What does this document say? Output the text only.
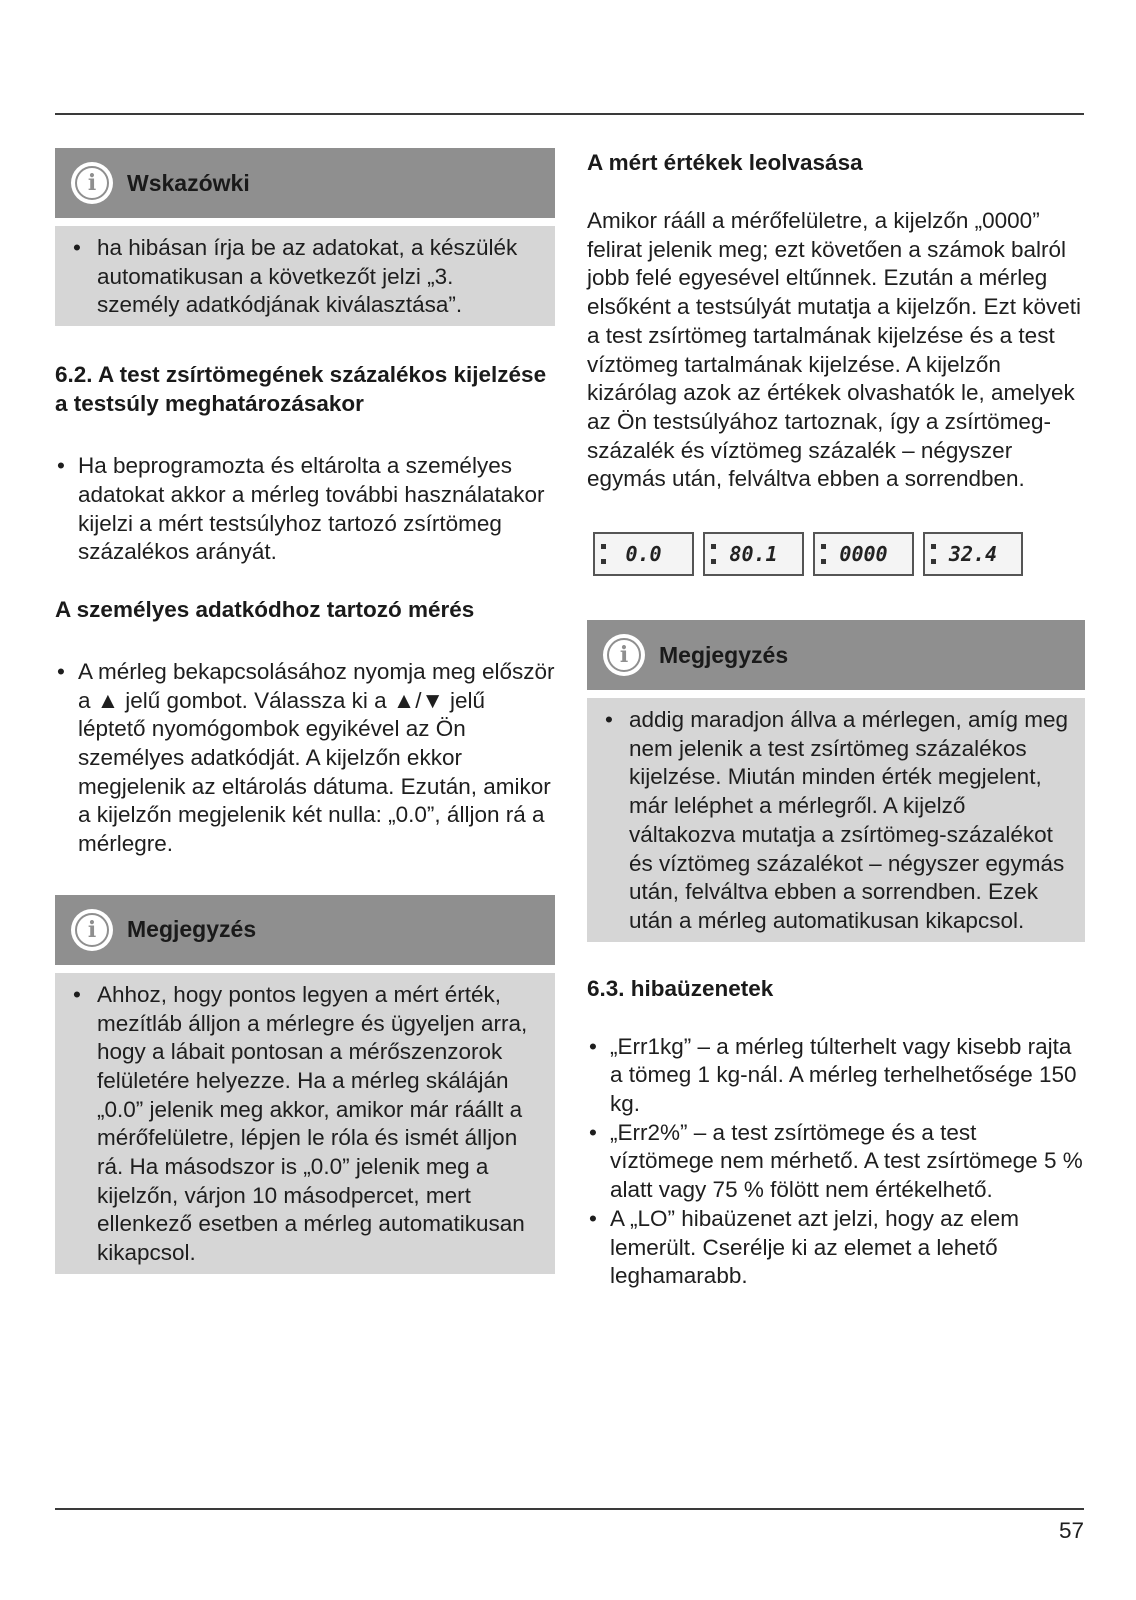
i	Wskazówki
• ha hibásan írja be az adatokat, a készülék automatikusan a következőt jelzi „3. személy adatkódjának kiválasztása”.
6.2. A test zsírtömegének százalékos kijelzése a testsúly meghatározásakor
• Ha beprogramozta és eltárolta a személyes adatokat akkor a mérleg további használatakor kijelzi a mért testsúlyhoz tartozó zsírtömeg százalékos arányát.
A személyes adatkódhoz tartozó mérés
• A mérleg bekapcsolásához nyomja meg először a ▲ jelű gombot. Válassza ki a ▲/▼ jelű léptető nyomógombok egyikével az Ön személyes adatkódját. A kijelzőn ekkor megjelenik az eltárolás dátuma. Ezután, amikor a kijelzőn megjelenik két nulla: „0.0”, álljon rá a mérlegre.
i	Megjegyzés
• Ahhoz, hogy pontos legyen a mért érték, mezítláb álljon a mérlegre és ügyeljen arra, hogy a lábait pontosan a mérőszenzorok felületére helyezze. Ha a mérleg skáláján „0.0” jelenik meg akkor, amikor már ráállt a mérőfelületre, lépjen le róla és ismét álljon rá. Ha másodszor is „0.0” jelenik meg a kijelzőn, várjon 10 másodpercet, mert ellenkező esetben a mérleg automatikusan kikapcsol.
A mért értékek leolvasása

Amikor rááll a mérőfelületre, a kijelzőn „0000” felirat jelenik meg; ezt követően a számok balról jobb felé egyesével eltűnnek. Ezután a mérleg elsőként a testsúlyát mutatja a kijelzőn. Ezt követi a test zsírtömeg tartalmának kijelzése és a test víztömeg tartalmának kijelzése. A kijelzőn kizárólag azok az értékek olvashatók le, amelyek az Ön testsúlyához tartoznak, így a zsírtömeg-százalék és víztömeg százalék – négyszer egymás után, felváltva ebben a sorrendben.

0.0	80.1	0000	32.4
i	Megjegyzés
• addig maradjon állva a mérlegen, amíg meg nem jelenik a test zsírtömeg százalékos kijelzése. Miután minden érték megjelent, már leléphet a mérlegről. A kijelző váltakozva mutatja a zsírtömeg-százalékot és víztömeg százalékot – négyszer egymás után, felváltva ebben a sorrendben. Ezek után a mérleg automatikusan kikapcsol.
6.3. hibaüzenetek
• „Err1kg” – a mérleg túlterhelt vagy kisebb rajta a tömeg 1 kg-nál. A mérleg terhelhetősége 150 kg.
• „Err2%” – a test zsírtömege és a test víztömege nem mérhető. A test zsírtömege 5 % alatt vagy 75 % fölött nem értékelhető.
• A „LO” hibaüzenet azt jelzi, hogy az elem lemerült. Cserélje ki az elemet a lehető leghamarabb.
57
